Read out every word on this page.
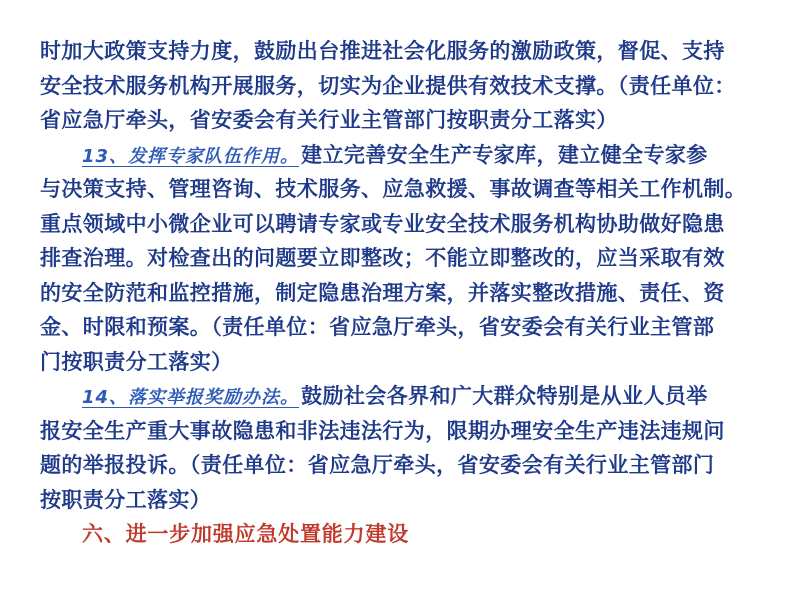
时加大政策支持力度，鼓励出台推进社会化服务的激励政策，督促、支持
安全技术服务机构开展服务，切实为企业提供有效技术支撑。（责任单位：
省应急厅牵头，省安委会有关行业主管部门按职责分工落实）
13、发挥专家队伍作用。建立完善安全生产专家库，建立健全专家参
与决策支持、管理咨询、技术服务、应急救援、事故调查等相关工作机制。
重点领域中小微企业可以聘请专家或专业安全技术服务机构协助做好隐患
排查治理。对检查出的问题要立即整改；不能立即整改的，应当采取有效
的安全防范和监控措施，制定隐患治理方案，并落实整改措施、责任、资
金、时限和预案。（责任单位：省应急厅牵头，省安委会有关行业主管部
门按职责分工落实）
14、落实举报奖励办法。鼓励社会各界和广大群众特别是从业人员举
报安全生产重大事故隐患和非法违法行为，限期办理安全生产违法违规问
题的举报投诉。（责任单位：省应急厅牵头，省安委会有关行业主管部门
按职责分工落实）
六、进一步加强应急处置能力建设
